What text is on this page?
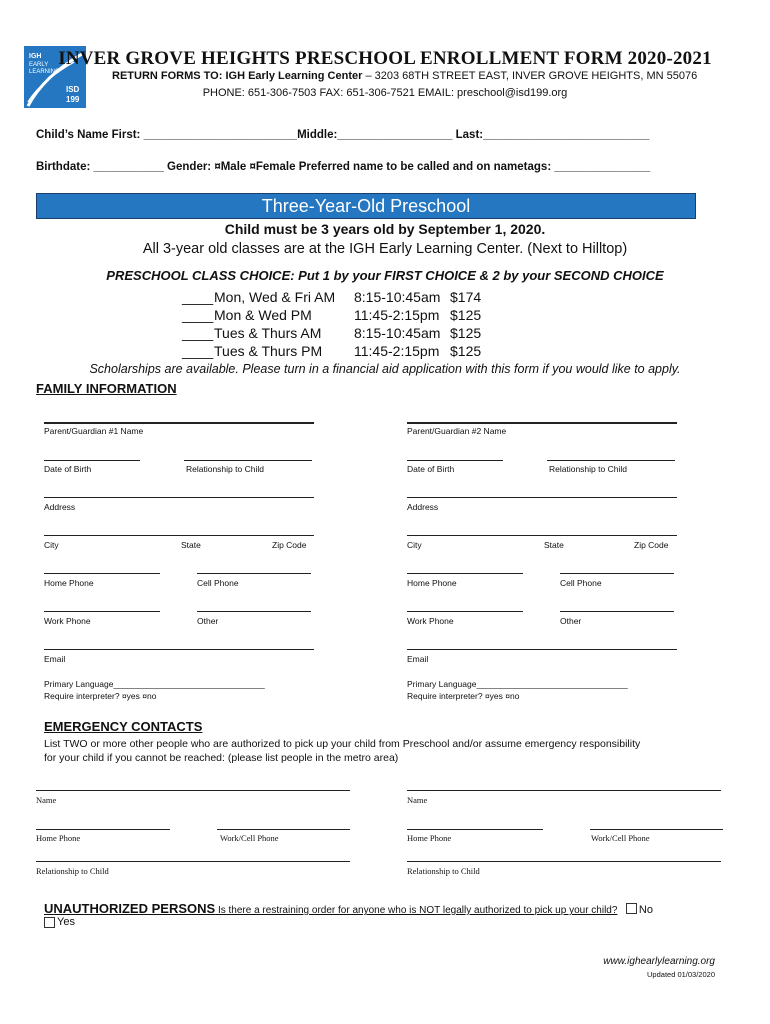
IGH
EARLY
LEARNING
ISD
199
INVER GROVE HEIGHTS PRESCHOOL ENROLLMENT FORM 2020-2021
RETURN FORMS TO: IGH Early Learning Center – 3203 68TH STREET EAST, INVER GROVE HEIGHTS, MN 55076
PHONE: 651-306-7503 FAX: 651-306-7521 EMAIL: preschool@isd199.org
Child’s Name First: ________________________Middle:__________________ Last:__________________________
Birthdate: ___________ Gender: ¤Male ¤Female Preferred name to be called and on nametags: _______________
Three-Year-Old Preschool
Child must be 3 years old by September 1, 2020.
All 3-year old classes are at the IGH Early Learning Center. (Next to Hilltop)
PRESCHOOL CLASS CHOICE: Put 1 by your FIRST CHOICE & 2 by your SECOND CHOICE
____	Mon, Wed & Fri AM	8:15-10:45am	$174
____	Mon & Wed PM	11:45-2:15pm	$125
____	Tues & Thurs AM	8:15-10:45am	$125
____	Tues & Thurs PM	11:45-2:15pm	$125
Scholarships are available. Please turn in a financial aid application with this form if you would like to apply.
FAMILY INFORMATION
Parent/Guardian #1 Name
Date of Birth	Relationship to Child
Address
City	State	Zip Code
Home Phone	Cell Phone
Work Phone	Other
Email
Primary Language________________________________
Require interpreter? ¤yes ¤no
Parent/Guardian #2 Name
Date of Birth	Relationship to Child
Address
City	State	Zip Code
Home Phone	Cell Phone
Work Phone	Other
Email
Primary Language________________________________
Require interpreter? ¤yes ¤no
EMERGENCY CONTACTS
List TWO or more other people who are authorized to pick up your child from Preschool and/or assume emergency responsibility
for your child if you cannot be reached: (please list people in the metro area)
Name
Home Phone	Work/Cell Phone
Relationship to Child
Name
Home Phone	Work/Cell Phone
Relationship to Child
UNAUTHORIZED PERSONS Is there a restraining order for anyone who is NOT legally authorized to pick up your child? No
Yes
www.ighearlylearning.org
Updated 01/03/2020
